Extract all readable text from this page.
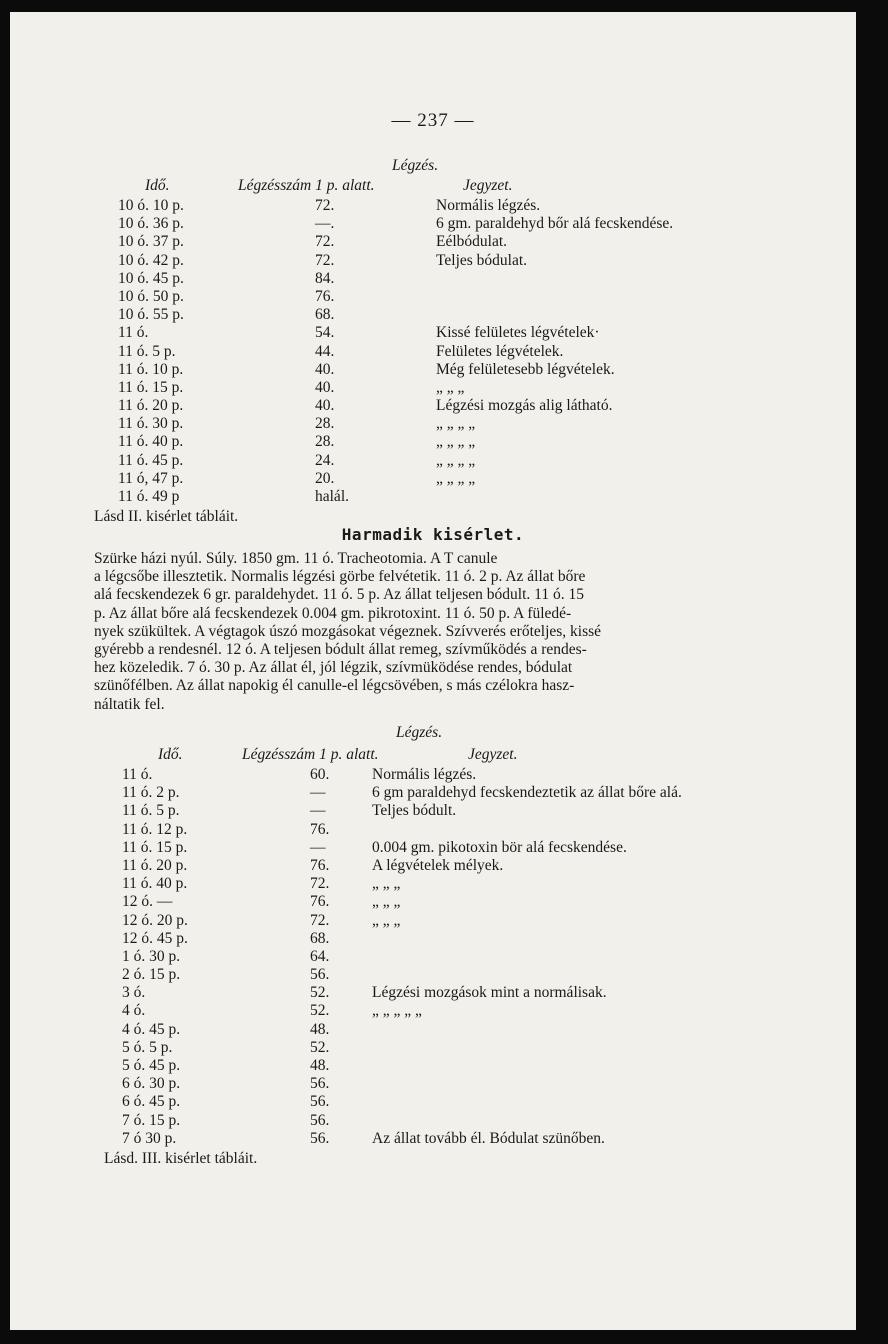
— 237 —
Légzés.
Idő.	Légzésszám 1 p. alatt.	Jegyzet.
10 ó. 10 p.	72.	Normális légzés.
10 ó. 36 p.	—.	6 gm. paraldehyd bőr alá fecskendése.
10 ó. 37 p.	72.	Eélbódulat.
10 ó. 42 p.	72.	Teljes bódulat.
10 ó. 45 p.	84.
10 ó. 50 p.	76.
10 ó. 55 p.	68.
11 ó.	54.	Kissé felületes légvételek·
11 ó. 5 p.	44.	Felületes légvételek.
11 ó. 10 p.	40.	Még felületesebb légvételek.
11 ó. 15 p.	40.	„ „ „
11 ó. 20 p.	40.	Légzési mozgás alig látható.
11 ó. 30 p.	28.	„ „ „ „
11 ó. 40 p.	28.	„ „ „ „
11 ó. 45 p.	24.	„ „ „ „
11 ó, 47 p.	20.	„ „ „ „
11 ó. 49 p	halál.
Lásd II. kisérlet tábláit.
Harmadik kisérlet.
Szürke házi nyúl. Súly. 1850 gm. 11 ó. Tracheotomia. A T canule
a légcsőbe illesztetik. Normalis légzési görbe felvétetik. 11 ó. 2 p. Az állat bőre
alá fecskendezek 6 gr. paraldehydet. 11 ó. 5 p. Az állat teljesen bódult. 11 ó. 15
p. Az állat bőre alá fecskendezek 0.004 gm. pikrotoxint. 11 ó. 50 p. A füledé-
nyek szükültek. A végtagok úszó mozgásokat végeznek. Szívverés erőteljes, kissé
gyérebb a rendesnél. 12 ó. A teljesen bódult állat remeg, szívműködés a rendes-
hez közeledik. 7 ó. 30 p. Az állat él, jól légzik, szívmüködése rendes, bódulat
szünőfélben. Az állat napokig él canulle-el légcsövében, s más czélokra hasz-
náltatik fel.
Légzés.
Idő.	Légzésszám 1 p. alatt.	Jegyzet.
11 ó.	60.	Normális légzés.
11 ó. 2 p.	—	6 gm paraldehyd fecskendeztetik az állat bőre alá.
11 ó. 5 p.	—	Teljes bódult.
11 ó. 12 p.	76.
11 ó. 15 p.	—	0.004 gm. pikotoxin bör alá fecskendése.
11 ó. 20 p.	76.	A légvételek mélyek.
11 ó. 40 p.	72.	„ „ „
12 ó. —	76.	„ „ „
12 ó. 20 p.	72.	„ „ „
12 ó. 45 p.	68.
1 ó. 30 p.	64.
2 ó. 15 p.	56.
3 ó.	52.	Légzési mozgások mint a normálisak.
4 ó.	52.	„ „ „ „ „
4 ó. 45 p.	48.
5 ó. 5 p.	52.
5 ó. 45 p.	48.
6 ó. 30 p.	56.
6 ó. 45 p.	56.
7 ó. 15 p.	56.
7 ó 30 p.	56.	Az állat tovább él. Bódulat szünőben.
Lásd. III. kisérlet tábláit.
